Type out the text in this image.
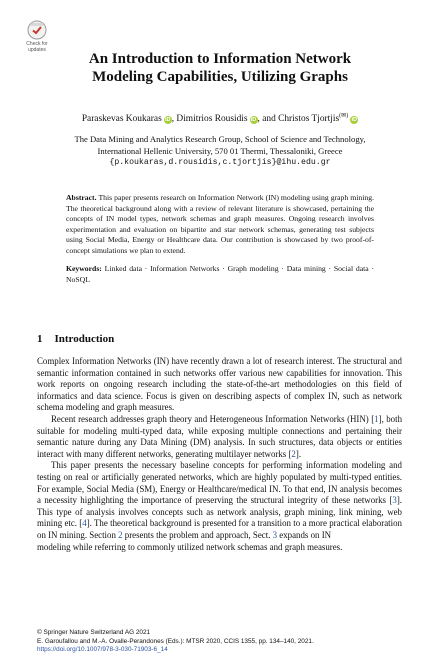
Check for
updates
An Introduction to Information Network
Modeling Capabilities, Utilizing Graphs
Paraskevas Koukaras iD, Dimitrios Rousidis iD, and Christos Tjortjis(✉)iD
The Data Mining and Analytics Research Group, School of Science and Technology,
International Hellenic University, 570 01 Thermi, Thessaloniki, Greece
{p.koukaras,d.rousidis,c.tjortjis}@ihu.edu.gr

Abstract. This paper presents research on Information Network (IN) modeling using graph mining. The theoretical background along with a review of relevant literature is showcased, pertaining the concepts of IN model types, network schemas and graph measures. Ongoing research involves experimentation and evaluation on bipartite and star network schemas, generating test subjects using Social Media, Energy or Healthcare data. Our contribution is showcased by two proof-of-concept simulations we plan to extend.

Keywords: Linked data · Information Networks · Graph modeling · Data mining · Social data · NoSQL

1 Introduction

Complex Information Networks (IN) have recently drawn a lot of research interest. The structural and semantic information contained in such networks offer various new capabilities for innovation. This work reports on ongoing research including the state-of-the-art methodologies on this field of informatics and data science. Focus is given on describing aspects of complex IN, such as network schema modeling and graph measures.

Recent research addresses graph theory and Heterogeneous Information Networks (HIN) [1], both suitable for modeling multi-typed data, while exposing multiple connections and pertaining their semantic nature during any Data Mining (DM) analysis. In such structures, data objects or entities interact with many different networks, generating multilayer networks [2].

This paper presents the necessary baseline concepts for performing information modeling and testing on real or artificially generated networks, which are highly populated by multi-typed entities. For example, Social Media (SM), Energy or Healthcare/medical IN. To that end, IN analysis becomes a necessity highlighting the importance of preserving the structural integrity of these networks [3]. This type of analysis involves concepts such as network analysis, graph mining, link mining, web mining etc. [4]. The theoretical background is presented for a transition to a more practical elaboration on IN mining. Section 2 presents the problem and approach, Sect. 3 expands on IN

modeling while referring to commonly utilized network schemas and graph measures.

© Springer Nature Switzerland AG 2021
E. Garoufallou and M.-A. Ovalle-Perandones (Eds.): MTSR 2020, CCIS 1355, pp. 134–140, 2021.
https://doi.org/10.1007/978-3-030-71903-6_14
